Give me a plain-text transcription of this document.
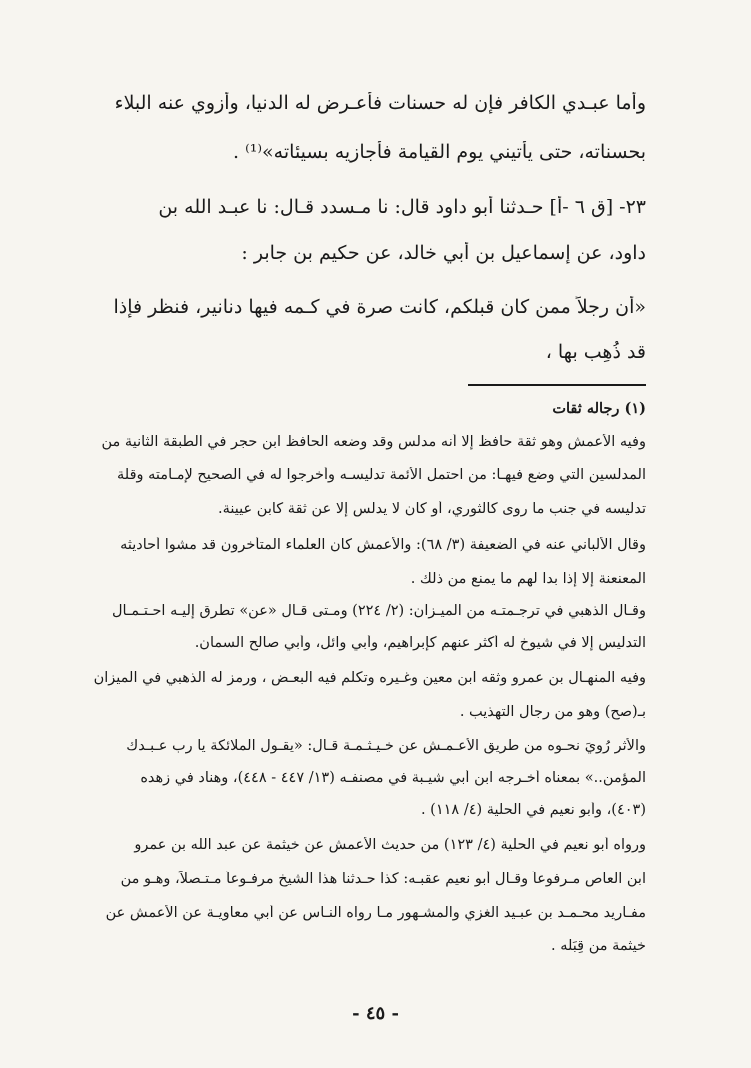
وأما عبـدي الكافر فإن له حسنات فأعـرض له الدنيا، وأزوي عنه البلاء
بحسناته، حتى يأتيني يوم القيامة فأجازيه بسيئاته»⁽¹⁾ .
٢٣- [ق ٦ -أ] حـدثنا أبو داود قال: نا مـسدد قـال: نا عبـد الله بن
داود، عن إسماعيل بن أبي خالد، عن حكيم بن جابر :
«أن رجلاً ممن كان قبلكم، كانت صرة في كـمه فيها دنانير، فنظر فإذا
قد ذُهِب بها ،
(١) رجاله ثقات
وفيه الأعمش وهو ثقة حافظ إلا أنه مدلس وقد وضعه الحافظ ابن حجر في الطبقة الثانية من
المدلسين التي وضع فيهـا: من احتمل الأئمة تدليسـه وأخرجوا له في الصحيح لإمـامته وقلة
تدليسه في جنب ما روى كالثوري، أو كان لا يدلس إلا عن ثقة كابن عيينة.
وقال الألباني عنه في الضعيفة (٣/ ٦٨): والأعمش كان العلماء المتأخرون قد مشوا أحاديثه
المعنعنة إلا إذا بدا لهم ما يمنع من ذلك .
وقـال الذهبي في ترجـمتـه من الميـزان: (٢/ ٢٢٤) ومـتى قـال «عن» تطرق إليـه احـتـمـال
التدليس إلا في شيوخ له أكثر عنهم كإبراهيم، وأبي وائل، وأبي صالح السمان.
وفيه المنهـال بن عمرو وثقه ابن معين وغـيره وتكلم فيه البعـض ، ورمز له الذهبي في الميزان
بـ(صح) وهو من رجال التهذيب .
والأثر رُوِيَ نحـوه من طريق الأعـمـش عن خـيـثـمـة قـال: «يقـول الملائكة يا رب عـبـدك
المؤمن..» بمعناه أخـرجه ابن أبي شيـبة في مصنفـه (١٣/ ٤٤٧ - ٤٤٨)، وهناد في زهده
(٤٠٣)، وأبو نعيم في الحلية (٤/ ١١٨) .
ورواه أبو نعيم في الحلية (٤/ ١٢٣) من حديث الأعمش عن خيثمة عن عبد الله بن عمرو
ابن العاص مـرفوعاً وقـال أبو نعيم عقبـه: كذا حـدثنا هذا الشيخ مرفـوعاً مـتـصلاً، وهـو من
مفـاريد محـمـد بن عبـيد الغزي والمشـهور مـا رواه النـاس عن أبي معاويـة عن الأعمش عن
خيثمة من قِبَله .
- ٤٥ -
